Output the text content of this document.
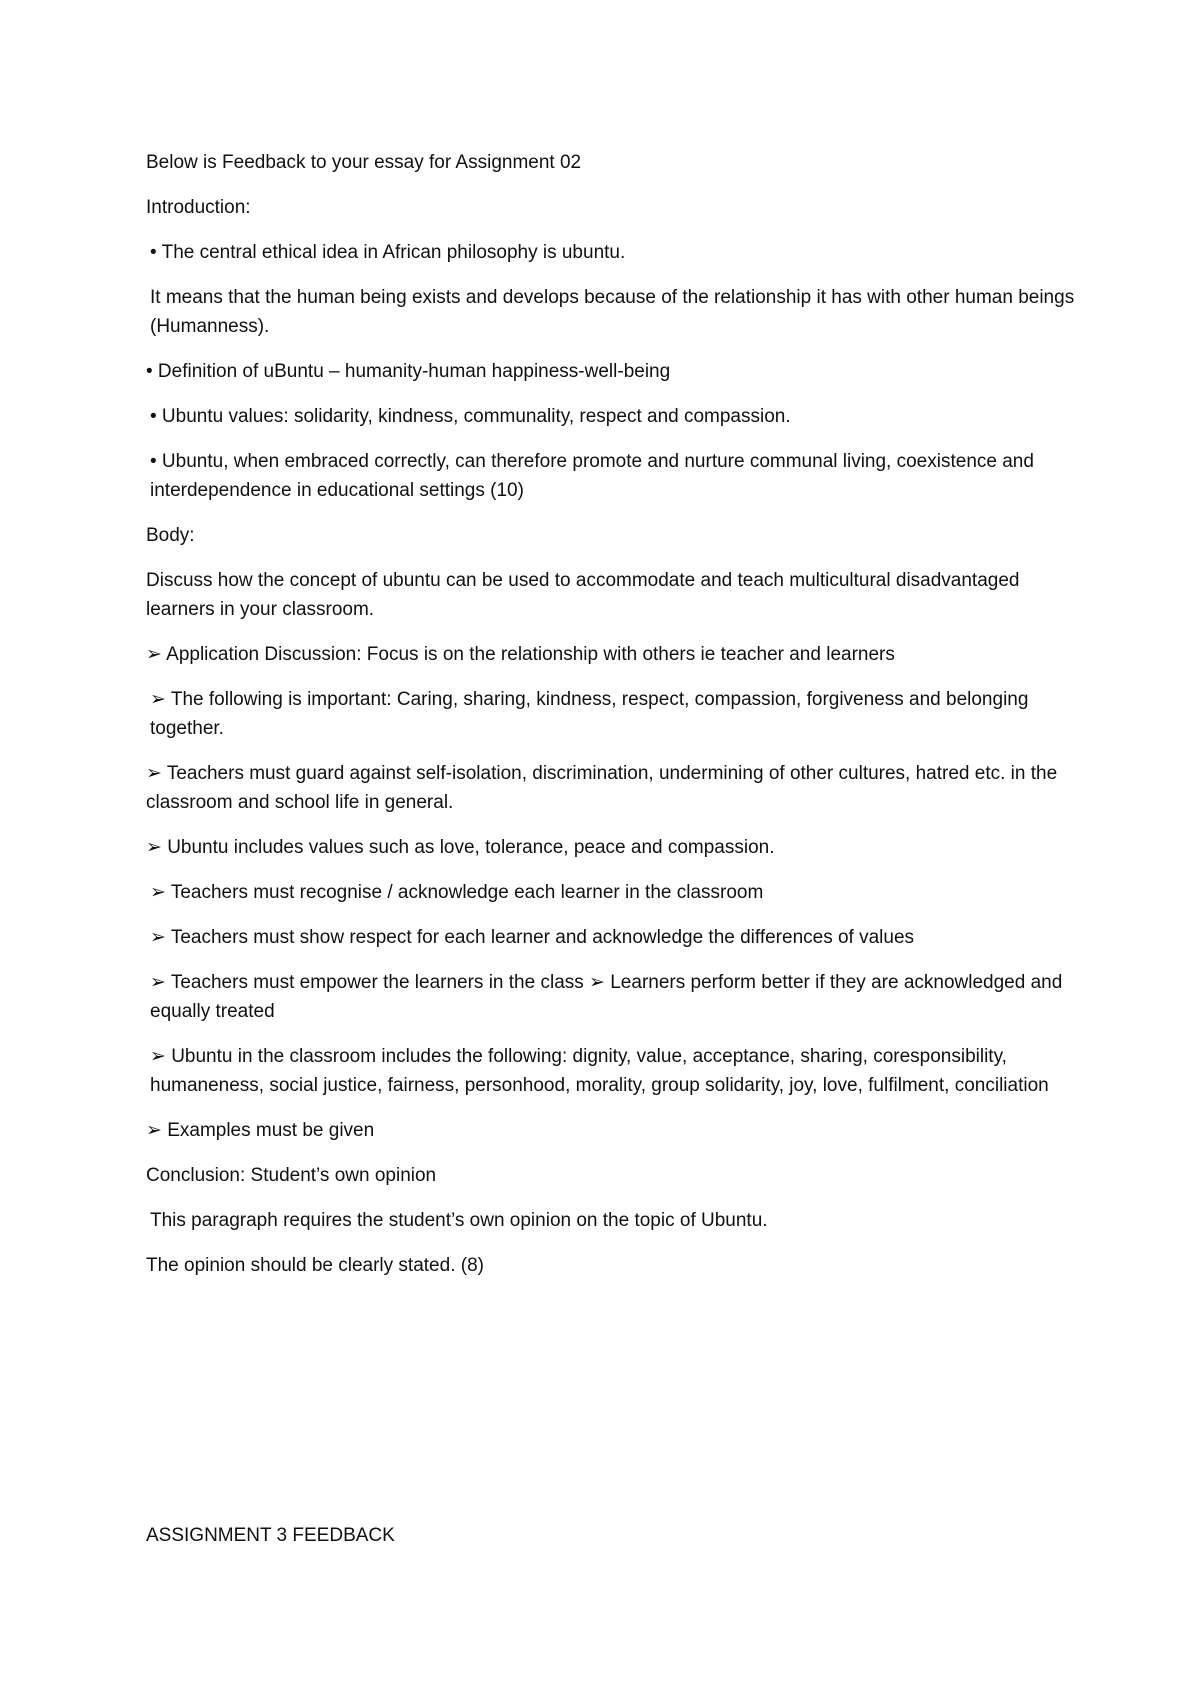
Below is Feedback to your essay for Assignment 02

Introduction:

• The central ethical idea in African philosophy is ubuntu.

It means that the human being exists and develops because of the relationship it has with other human beings (Humanness).

• Definition of uBuntu – humanity-human happiness-well-being

• Ubuntu values: solidarity, kindness, communality, respect and compassion.

• Ubuntu, when embraced correctly, can therefore promote and nurture communal living, coexistence and interdependence in educational settings (10)

Body:

Discuss how the concept of ubuntu can be used to accommodate and teach multicultural disadvantaged learners in your classroom.

➢ Application Discussion: Focus is on the relationship with others ie teacher and learners

➢ The following is important: Caring, sharing, kindness, respect, compassion, forgiveness and belonging together.

➢ Teachers must guard against self-isolation, discrimination, undermining of other cultures, hatred etc. in the classroom and school life in general.

➢ Ubuntu includes values such as love, tolerance, peace and compassion.

➢ Teachers must recognise / acknowledge each learner in the classroom

➢ Teachers must show respect for each learner and acknowledge the differences of values

➢ Teachers must empower the learners in the class ➢ Learners perform better if they are acknowledged and equally treated

➢ Ubuntu in the classroom includes the following: dignity, value, acceptance, sharing, coresponsibility, humaneness, social justice, fairness, personhood, morality, group solidarity, joy, love, fulfilment, conciliation

➢ Examples must be given

Conclusion: Student’s own opinion

This paragraph requires the student’s own opinion on the topic of Ubuntu.

The opinion should be clearly stated. (8)

ASSIGNMENT 3 FEEDBACK
